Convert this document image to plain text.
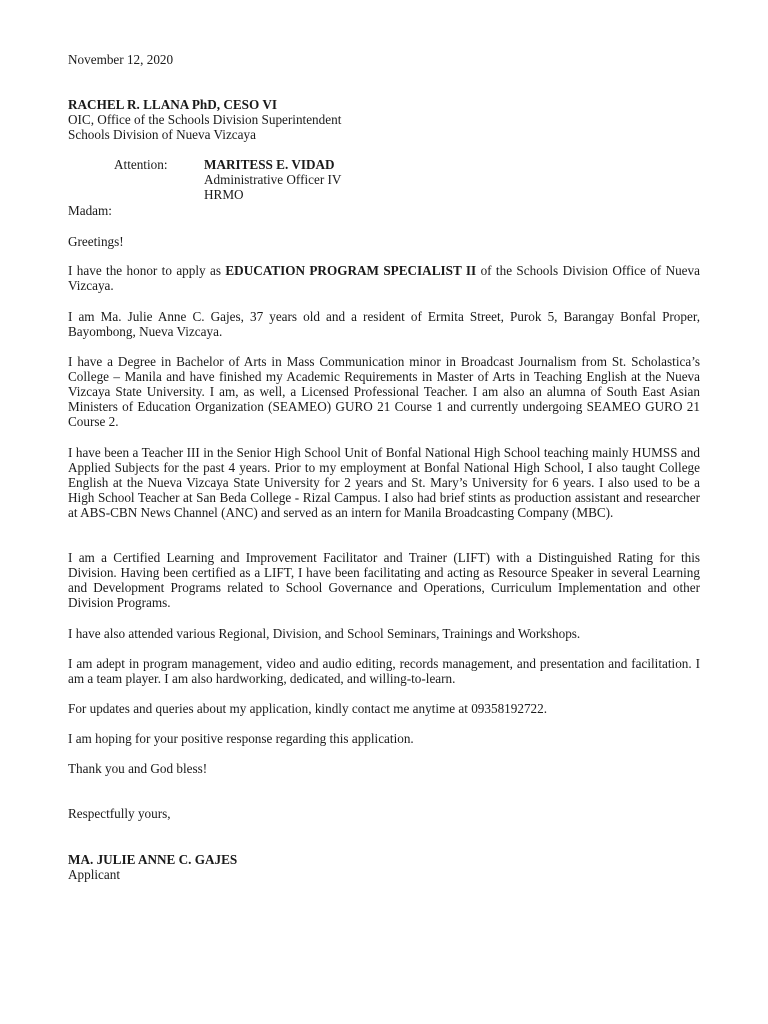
November 12, 2020
RACHEL R. LLANA PhD, CESO VI
OIC, Office of the Schools Division Superintendent
Schools Division of Nueva Vizcaya
Attention:	MARITESS E. VIDAD
Administrative Officer IV
HRMO
Madam:
Greetings!
I have the honor to apply as EDUCATION PROGRAM SPECIALIST II of the Schools Division Office of Nueva Vizcaya.
I am Ma. Julie Anne C. Gajes, 37 years old and a resident of Ermita Street, Purok 5, Barangay Bonfal Proper, Bayombong, Nueva Vizcaya.
I have a Degree in Bachelor of Arts in Mass Communication minor in Broadcast Journalism from St. Scholastica’s College – Manila and have finished my Academic Requirements in Master of Arts in Teaching English at the Nueva Vizcaya State University. I am, as well, a Licensed Professional Teacher. I am also an alumna of South East Asian Ministers of Education Organization (SEAMEO) GURO 21 Course 1 and currently undergoing SEAMEO GURO 21 Course 2.
I have been a Teacher III in the Senior High School Unit of Bonfal National High School teaching mainly HUMSS and Applied Subjects for the past 4 years. Prior to my employment at Bonfal National High School, I also taught College English at the Nueva Vizcaya State University for 2 years and St. Mary’s University for 6 years. I also used to be a High School Teacher at San Beda College - Rizal Campus. I also had brief stints as production assistant and researcher at ABS-CBN News Channel (ANC) and served as an intern for Manila Broadcasting Company (MBC).
I am a Certified Learning and Improvement Facilitator and Trainer (LIFT) with a Distinguished Rating for this Division. Having been certified as a LIFT, I have been facilitating and acting as Resource Speaker in several Learning and Development Programs related to School Governance and Operations, Curriculum Implementation and other Division Programs.
I have also attended various Regional, Division, and School Seminars, Trainings and Workshops.
I am adept in program management, video and audio editing, records management, and presentation and facilitation. I am a team player. I am also hardworking, dedicated, and willing-to-learn.
For updates and queries about my application, kindly contact me anytime at 09358192722.
I am hoping for your positive response regarding this application.
Thank you and God bless!
Respectfully yours,
MA. JULIE ANNE C. GAJES
Applicant
